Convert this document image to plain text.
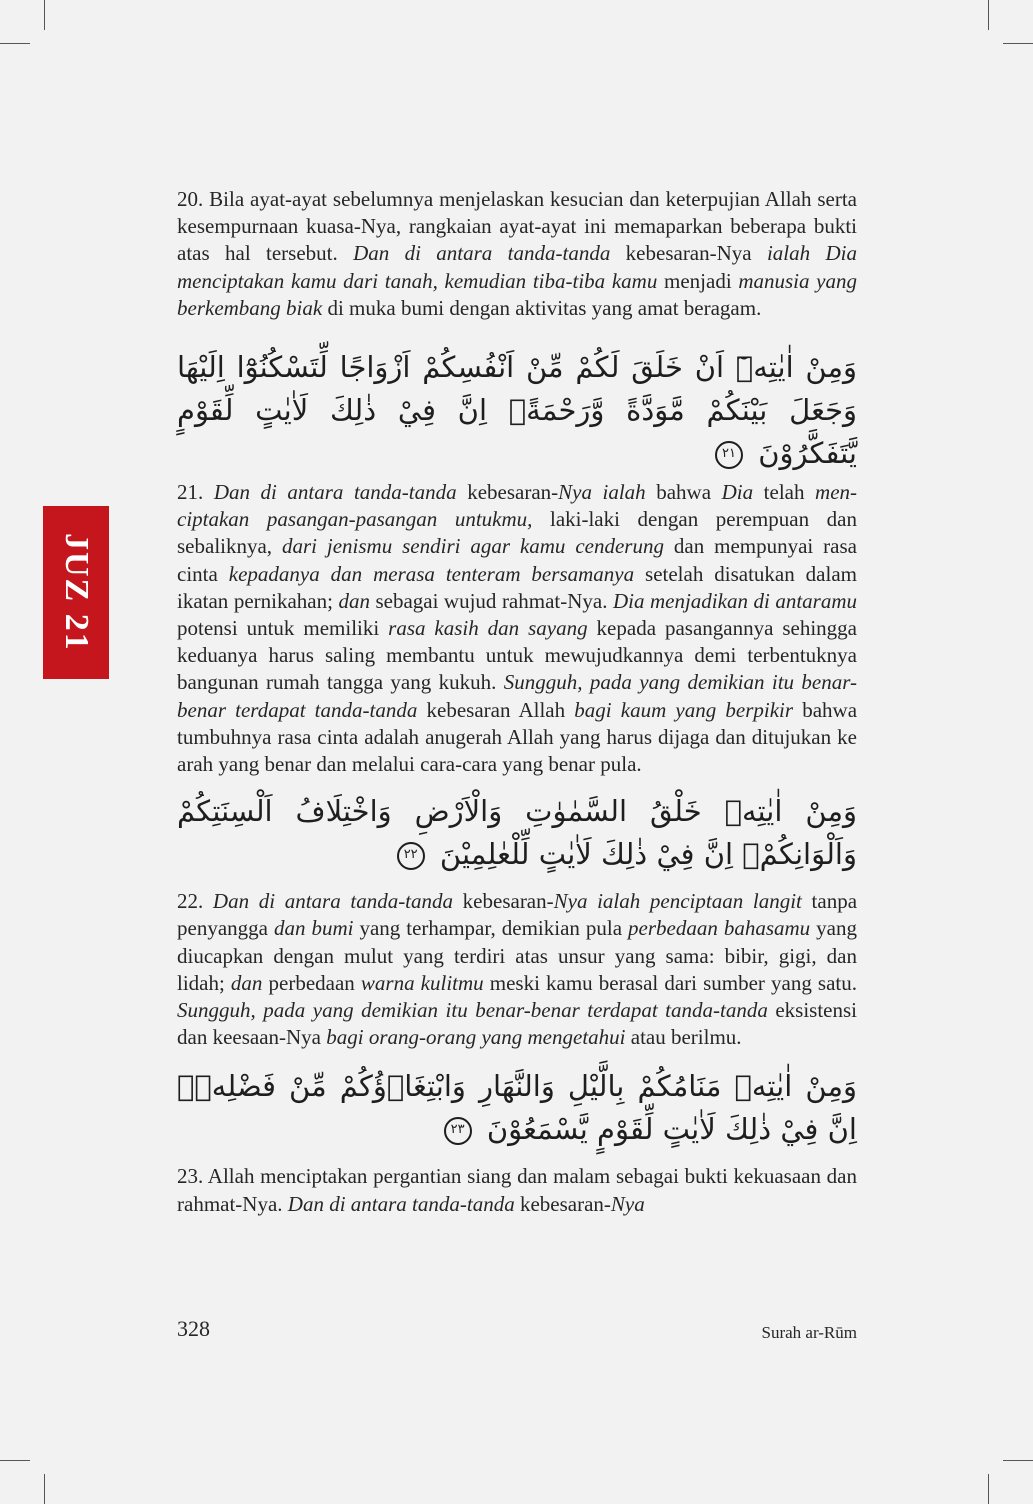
JUZ 21

20. Bila ayat-ayat sebelumnya menjelaskan kesucian dan keterpujian Allah serta kesempurnaan kuasa-Nya, rangkaian ayat-ayat ini memaparkan beberapa bukti atas hal tersebut. Dan di antara tanda-tanda kebesaran-Nya ialah Dia menciptakan kamu dari tanah, kemudian tiba-tiba kamu menjadi manusia yang berkembang biak di muka bumi dengan aktivitas yang amat beragam.

وَمِنْ اٰيٰتِهٖٓ اَنْ خَلَقَ لَكُمْ مِّنْ اَنْفُسِكُمْ اَزْوَاجًا لِّتَسْكُنُوْٓا اِلَيْهَا وَجَعَلَ بَيْنَكُمْ مَّوَدَّةً وَّرَحْمَةًۗ اِنَّ فِيْ ذٰلِكَ لَاٰيٰتٍ لِّقَوْمٍ يَّتَفَكَّرُوْنَ ٢١

21. Dan di antara tanda-tanda kebesaran-Nya ialah bahwa Dia telah menciptakan pasangan-pasangan untukmu, laki-laki dengan perempuan dan sebaliknya, dari jenismu sendiri agar kamu cenderung dan mempunyai rasa cinta kepadanya dan merasa tenteram bersamanya setelah disatukan dalam ikatan pernikahan; dan sebagai wujud rahmat-Nya. Dia menjadikan di antaramu potensi untuk memiliki rasa kasih dan sayang kepada pasangannya sehingga keduanya harus saling membantu untuk mewujudkannya demi terbentuknya bangunan rumah tangga yang kukuh. Sungguh, pada yang demikian itu benar-benar terdapat tanda-tanda kebesaran Allah bagi kaum yang berpikir bahwa tumbuhnya rasa cinta adalah anugerah Allah yang harus dijaga dan ditujukan ke arah yang benar dan melalui cara-cara yang benar pula.

وَمِنْ اٰيٰتِهٖ خَلْقُ السَّمٰوٰتِ وَالْاَرْضِ وَاخْتِلَافُ اَلْسِنَتِكُمْ وَاَلْوَانِكُمْۗ اِنَّ فِيْ ذٰلِكَ لَاٰيٰتٍ لِّلْعٰلِمِيْنَ ٢٢

22. Dan di antara tanda-tanda kebesaran-Nya ialah penciptaan langit tanpa penyangga dan bumi yang terhampar, demikian pula perbedaan bahasamu yang diucapkan dengan mulut yang terdiri atas unsur yang sama: bibir, gigi, dan lidah; dan perbedaan warna kulitmu meski kamu berasal dari sumber yang satu. Sungguh, pada yang demikian itu benar-benar terdapat tanda-tanda eksistensi dan keesaan-Nya bagi orang-orang yang mengetahui atau berilmu.

وَمِنْ اٰيٰتِهٖ مَنَامُكُمْ بِالَّيْلِ وَالنَّهَارِ وَابْتِغَاۤؤُكُمْ مِّنْ فَضْلِهٖۗ اِنَّ فِيْ ذٰلِكَ لَاٰيٰتٍ لِّقَوْمٍ يَّسْمَعُوْنَ ٢٣

23. Allah menciptakan pergantian siang dan malam sebagai bukti kekuasaan dan rahmat-Nya. Dan di antara tanda-tanda kebesaran-Nya

328	Surah ar-Rūm
